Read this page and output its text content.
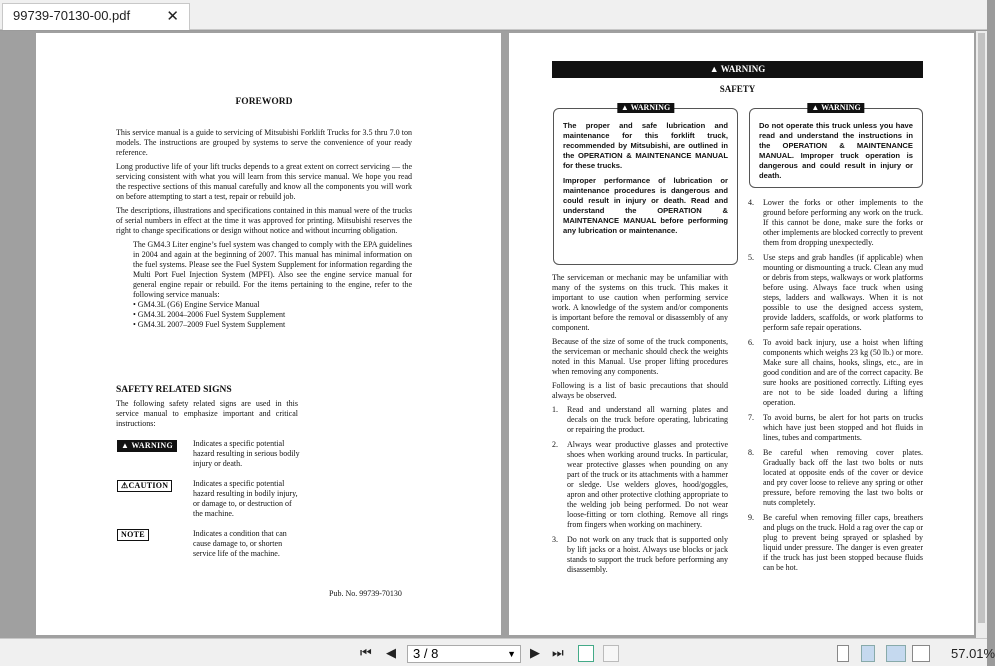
99739-70130-00.pdf ✕
FOREWORD

This service manual is a guide to servicing of Mitsubishi Forklift Trucks for 3.5 thru 7.0 ton models. The instructions are grouped by systems to serve the convenience of your ready reference.

Long productive life of your lift trucks depends to a great extent on correct servicing — the servicing consistent with what you will learn from this service manual. We hope you read the respective sections of this manual carefully and know all the components you will work on before attempting to start a test, repair or rebuild job.

The descriptions, illustrations and specifications contained in this manual were of the trucks of serial numbers in effect at the time it was approved for printing. Mitsubishi reserves the right to change specifications or design without notice and without incurring obligation.

The GM4.3 Liter engine’s fuel system was changed to comply with the EPA guidelines in 2004 and again at the beginning of 2007. This manual has minimal information on the fuel systems. Please see the Fuel System Supplement for information regarding the Multi Port Fuel Injection System (MPFI). Also see the engine service manual for general engine repair or rebuild. For the items pertaining to the engine, refer to the following service manuals:

• GM4.3L (G6) Engine Service Manual
• GM4.3L 2004–2006 Fuel System Supplement
• GM4.3L 2007–2009 Fuel System Supplement
SAFETY RELATED SIGNS
The following safety related signs are used in this service manual to emphasize important and critical instructions:
▲ WARNING	Indicates a specific potential hazard resulting in serious bodily injury or death.
⚠CAUTION	Indicates a specific potential hazard resulting in bodily injury, or damage to, or destruction of the machine.
NOTE	Indicates a condition that can cause damage to, or shorten service life of the machine.
Pub. No. 99739-70130
▲ WARNING
SAFETY
▲ WARNING

The proper and safe lubrication and maintenance for this forklift truck, recommended by Mitsubishi, are outlined in the OPERATION & MAINTENANCE MANUAL for these trucks.

Improper performance of lubrication or maintenance procedures is dangerous and could result in injury or death. Read and understand the OPERATION & MAINTENANCE MANUAL before performing any lubrication or maintenance.

▲ WARNING

Do not operate this truck unless you have read and understand the instructions in the OPERATION & MAINTENANCE MANUAL. Improper truck operation is dangerous and could result in injury or death.

The serviceman or mechanic may be unfamiliar with many of the systems on this truck. This makes it important to use caution when performing service work. A knowledge of the system and/or components is important before the removal or disassembly of any component.

Because of the size of some of the truck components, the serviceman or mechanic should check the weights noted in this Manual. Use proper lifting procedures when removing any components.

Following is a list of basic precautions that should always be observed.

1. Read and understand all warning plates and decals on the truck before operating, lubricating or repairing the product.
2. Always wear productive glasses and protective shoes when working around trucks. In particular, wear protective glasses when pounding on any part of the truck or its attachments with a hammer or sledge. Use welders gloves, hood/goggles, apron and other protective clothing appropriate to the welding job being performed. Do not wear loose-fitting or torn clothing. Remove all rings from fingers when working on machinery.
3. Do not work on any truck that is supported only by lift jacks or a hoist. Always use blocks or jack stands to support the truck before performing any disassembly.
4. Lower the forks or other implements to the ground before performing any work on the truck. If this cannot be done, make sure the forks or other implements are blocked correctly to prevent them from dropping unexpectedly.
5. Use steps and grab handles (if applicable) when mounting or dismounting a truck. Clean any mud or debris from steps, walkways or work platforms before using. Always face truck when using steps, ladders and walkways. When it is not possible to use the designed access system, provide ladders, scaffolds, or work platforms to perform safe repair operations.
6. To avoid back injury, use a hoist when lifting components which weighs 23 kg (50 lb.) or more. Make sure all chains, hooks, slings, etc., are in good condition and are of the correct capacity. Be sure hooks are positioned correctly. Lifting eyes are not to be side loaded during a lifting operation.
7. To avoid burns, be alert for hot parts on trucks which have just been stopped and hot fluids in lines, tubes and compartments.
8. Be careful when removing cover plates. Gradually back off the last two bolts or nuts located at opposite ends of the cover or device and pry cover loose to relieve any spring or other pressure, before removing the last two bolts or nuts completely.
9. Be careful when removing filler caps, breathers and plugs on the truck. Hold a rag over the cap or plug to prevent being sprayed or splashed by liquid under pressure. The danger is even greater if the truck has just been stopped because fluids can be hot.
⏮ ◀	3 / 8	▼ ▶ ⏭	57.01%
